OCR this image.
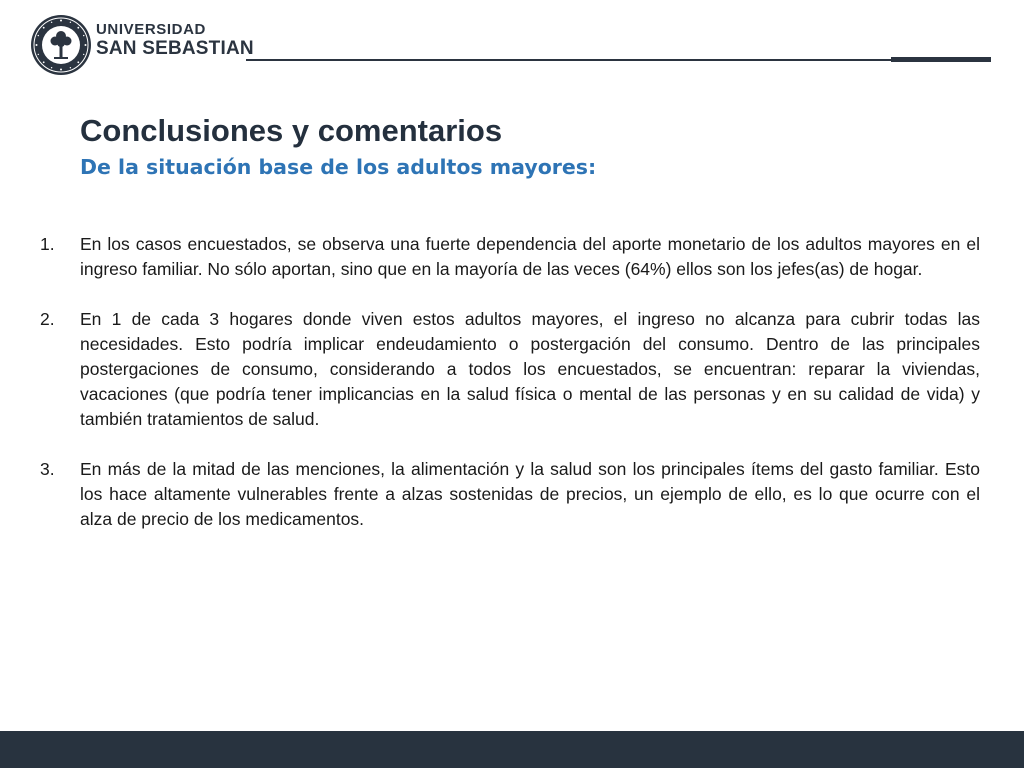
UNIVERSIDAD
SAN SEBASTIAN
Conclusiones y comentarios
De la situación base de los adultos mayores:
1.	En los casos encuestados, se observa una fuerte dependencia del aporte monetario de los adultos mayores en el ingreso familiar. No sólo aportan, sino que en la mayoría de las veces (64%) ellos son los jefes(as) de hogar.
2.	En 1 de cada 3 hogares donde viven estos adultos mayores, el ingreso no alcanza para cubrir todas las necesidades. Esto podría implicar endeudamiento o postergación del consumo. Dentro de las principales postergaciones de consumo, considerando a todos los encuestados, se encuentran: reparar la viviendas, vacaciones (que podría tener implicancias en la salud física o mental de las personas y en su calidad de vida) y también tratamientos de salud.
3.	En más de la mitad de las menciones, la alimentación y la salud son los principales ítems del gasto familiar. Esto los hace altamente vulnerables frente a alzas sostenidas de precios, un ejemplo de ello, es lo que ocurre con el alza de precio de los medicamentos.
